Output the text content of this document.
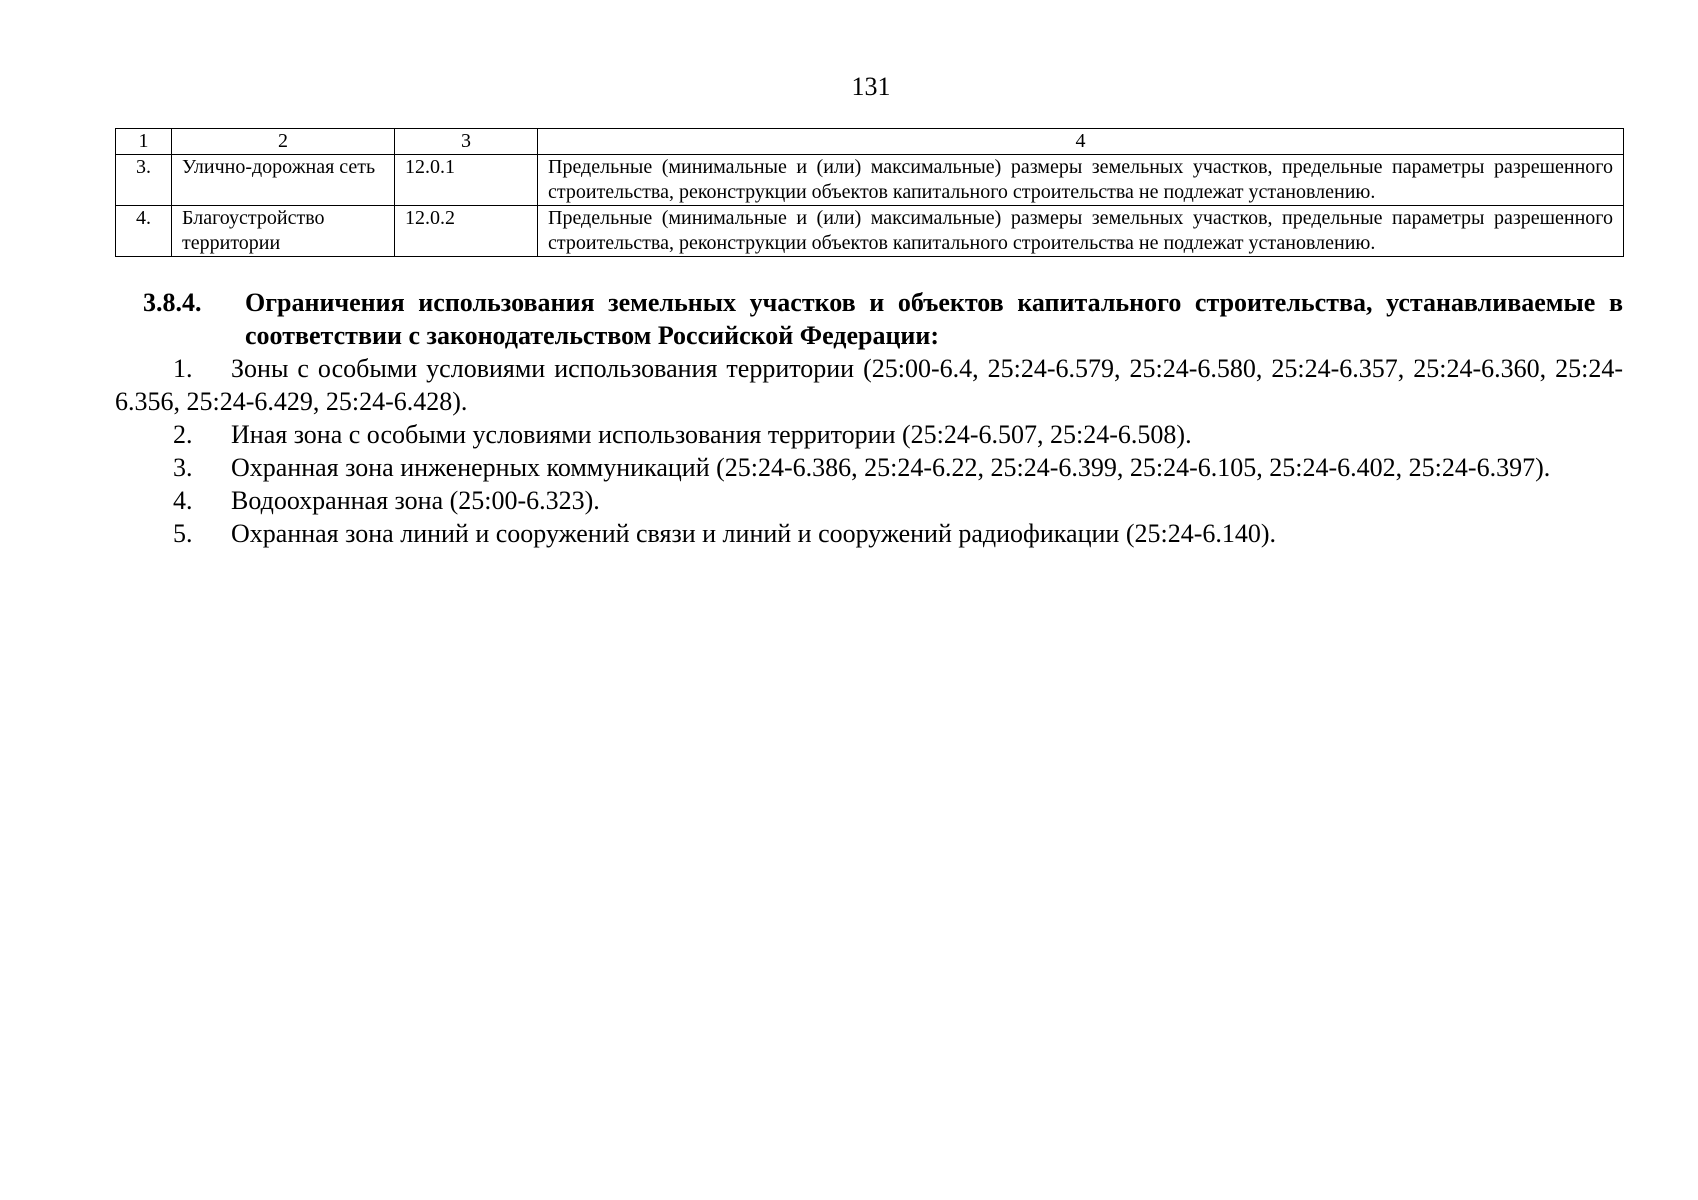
131
1	2	3	4
3.	Улично-дорожная сеть	12.0.1	Предельные (минимальные и (или) максимальные) размеры земельных участков, предельные параметры разрешенного строительства, реконструкции объектов капитального строительства не подлежат установлению.
4.	Благоустройство территории	12.0.2	Предельные (минимальные и (или) максимальные) размеры земельных участков, предельные параметры разрешенного строительства, реконструкции объектов капитального строительства не подлежат установлению.
3.8.4.	Ограничения использования земельных участков и объектов капитального строительства, устанавливаемые в соответствии с законодательством Российской Федерации:
1. Зоны с особыми условиями использования территории (25:00-6.4, 25:24-6.579, 25:24-6.580, 25:24-6.357, 25:24-6.360, 25:24-6.356, 25:24-6.429, 25:24-6.428).
2. Иная зона с особыми условиями использования территории (25:24-6.507, 25:24-6.508).
3. Охранная зона инженерных коммуникаций (25:24-6.386, 25:24-6.22, 25:24-6.399, 25:24-6.105, 25:24-6.402, 25:24-6.397).
4. Водоохранная зона (25:00-6.323).
5. Охранная зона линий и сооружений связи и линий и сооружений радиофикации (25:24-6.140).
